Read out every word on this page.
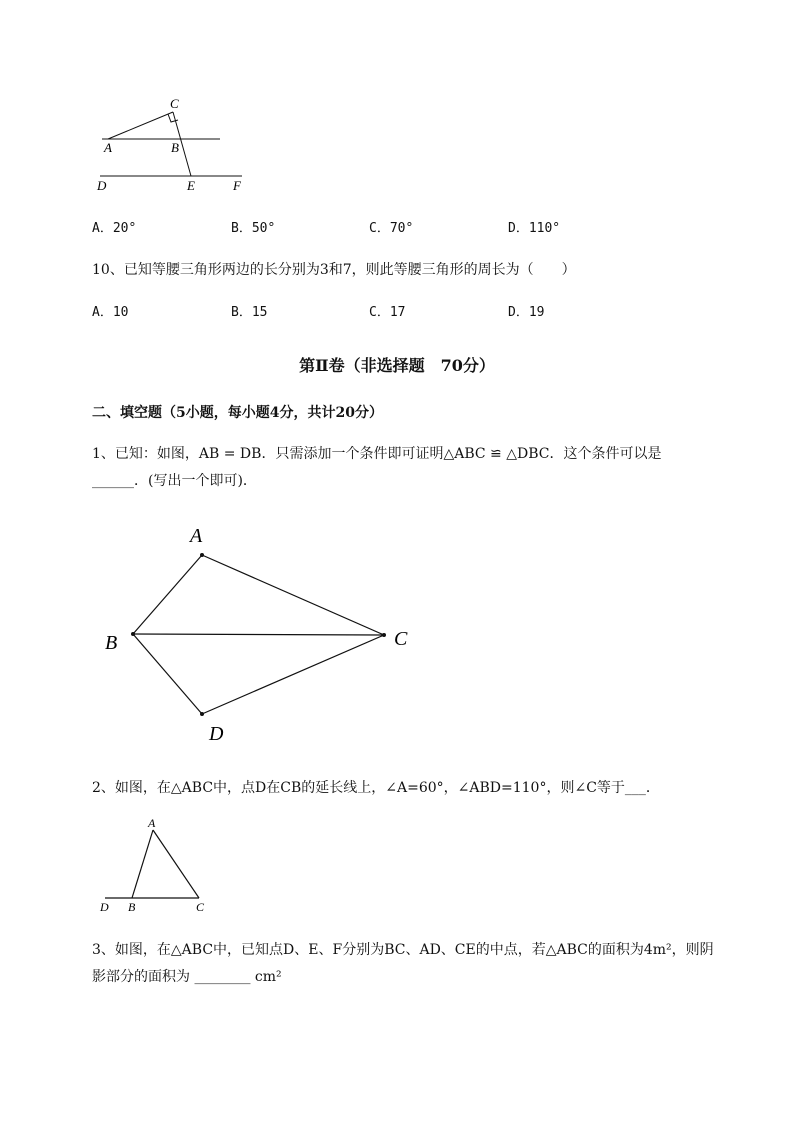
C
A	B
D	E	F
A．20°	B．50°	C．70°	D．110°
10、已知等腰三角形两边的长分别为3和7，则此等腰三角形的周长为（　　）
A．10	B．15	C．17	D．19
第Ⅱ卷（非选择题　70分）
二、填空题（5小题，每小题4分，共计20分）
1、已知：如图，AB = DB．只需添加一个条件即可证明△ABC ≌ △DBC．这个条件可以是
______．(写出一个即可)．
A
B	C
D
2、如图，在△ABC中，点D在CB的延长线上，∠A=60°，∠ABD=110°，则∠C等于___．
A
D B	C
3、如图，在△ABC中，已知点D、E、F分别为BC、AD、CE的中点，若△ABC的面积为4m²，则阴
影部分的面积为 ________ cm²
